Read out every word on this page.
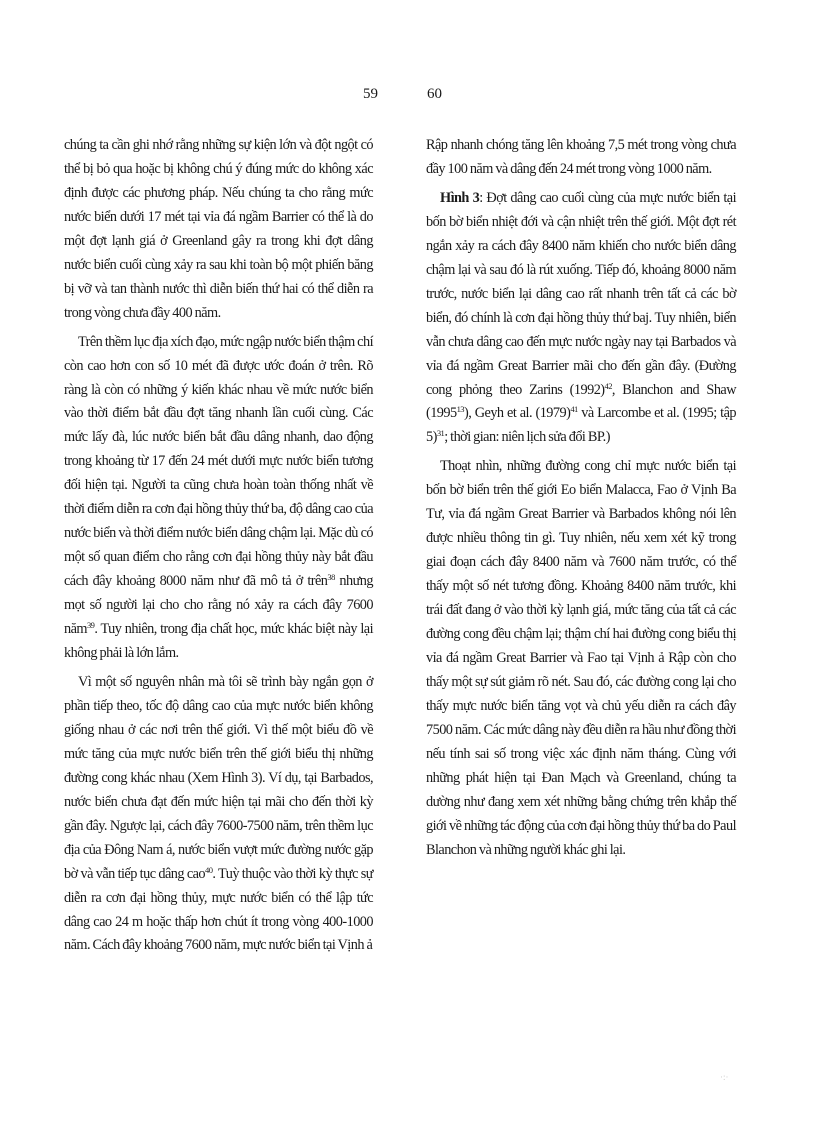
59	60

chúng ta cần ghi nhớ rằng những sự kiện lớn và đột ngột có thể bị bỏ qua hoặc bị không chú ý đúng mức do không xác định được các phương pháp. Nếu chúng ta cho rằng mức nước biển dưới 17 mét tại vỉa đá ngầm Barrier có thể là do một đợt lạnh giá ở Greenland gây ra trong khi đợt dâng nước biển cuối cùng xảy ra sau khi toàn bộ một phiến băng bị vỡ và tan thành nước thì diễn biến thứ hai có thể diễn ra trong vòng chưa đầy 400 năm.

Trên thềm lục địa xích đạo, mức ngập nước biển thậm chí còn cao hơn con số 10 mét đã được ước đoán ở trên. Rõ ràng là còn có những ý kiến khác nhau về mức nước biển vào thời điểm bắt đầu đợt tăng nhanh lần cuối cùng. Các mức lấy đà, lúc nước biển bắt đầu dâng nhanh, dao động trong khoảng từ 17 đến 24 mét dưới mực nước biển tương đối hiện tại. Người ta cũng chưa hoàn toàn thống nhất về thời điểm diễn ra cơn đại hồng thủy thứ ba, độ dâng cao của nước biển và thời điểm nước biển dâng chậm lại. Mặc dù có một số quan điểm cho rằng cơn đại hồng thủy này bắt đầu cách đây khoảng 8000 năm như đã mô tả ở trên$^{38}$ nhưng mọt số người lại cho cho rằng nó xảy ra cách đây 7600 năm$^{39}$. Tuy nhiên, trong địa chất học, mức khác biệt này lại không phải là lớn lắm.

Vì một số nguyên nhân mà tôi sẽ trình bày ngắn gọn ở phần tiếp theo, tốc độ dâng cao của mực nước biển không giống nhau ở các nơi trên thế giới. Vì thế một biểu đồ về mức tăng của mực nước biển trên thế giới biểu thị những đường cong khác nhau (Xem Hình 3). Ví dụ, tại Barbados, nước biển chưa đạt đến mức hiện tại mãi cho đến thời kỳ gần đây. Ngược lại, cách đây 7600-7500 năm, trên thềm lục địa của Đông Nam á, nước biển vượt mức đường nước gặp bờ và vẫn tiếp tục dâng cao$^{40}$. Tuỳ thuộc vào thời kỳ thực sự diễn ra cơn đại hồng thủy, mực nước biển có thể lập tức dâng cao 24 m hoặc thấp hơn chút ít trong vòng 400-1000 năm. Cách đây khoảng 7600 năm, mực nước biển tại Vịnh ả

Rập nhanh chóng tăng lên khoảng 7,5 mét trong vòng chưa đầy 100 năm và dâng đến 24 mét trong vòng 1000 năm.

Hình 3: Đợt dâng cao cuối cùng của mực nước biển tại bốn bờ biển nhiệt đới và cận nhiệt trên thế giới. Một đợt rét ngắn xảy ra cách đây 8400 năm khiến cho nước biển dâng chậm lại và sau đó là rút xuống. Tiếp đó, khoảng 8000 năm trước, nước biển lại dâng cao rất nhanh trên tất cả các bờ biển, đó chính là cơn đại hồng thủy thứ baj. Tuy nhiên, biển vẫn chưa dâng cao đến mực nước ngày nay tại Barbados và vỉa đá ngầm Great Barrier mãi cho đến gần đây. (Đường cong phỏng theo Zarins $(1992)^{42}$, Blanchon and Shaw (1995$^{13}$), Geyh et al. $(1979)^{41}$ và Larcombe et al. (1995; tập 5)$^{31}$; thời gian: niên lịch sửa đổi BP.)

Thoạt nhìn, những đường cong chỉ mực nước biển tại bốn bờ biển trên thế giới Eo biển Malacca, Fao ở Vịnh Ba Tư, vỉa đá ngầm Great Barrier và Barbados không nói lên được nhiều thông tin gì. Tuy nhiên, nếu xem xét kỹ trong giai đoạn cách đây 8400 năm và 7600 năm trước, có thể thấy một số nét tương đồng. Khoảng 8400 năm trước, khi trái đất đang ở vào thời kỳ lạnh giá, mức tăng của tất cả các đường cong đều chậm lại; thậm chí hai đường cong biểu thị vỉa đá ngầm Great Barrier và Fao tại Vịnh ả Rập còn cho thấy một sự sút giảm rõ nét. Sau đó, các đường cong lại cho thấy mực nước biển tăng vọt và chủ yếu diễn ra cách đây 7500 năm. Các mức dâng này đều diễn ra hầu như đồng thời nếu tính sai số trong việc xác định năm tháng. Cùng với những phát hiện tại Đan Mạch và Greenland, chúng ta dường như đang xem xét những bằng chứng trên khắp thế giới về những tác động của cơn đại hồng thủy thứ ba do Paul Blanchon và những người khác ghi lại.

·:·
